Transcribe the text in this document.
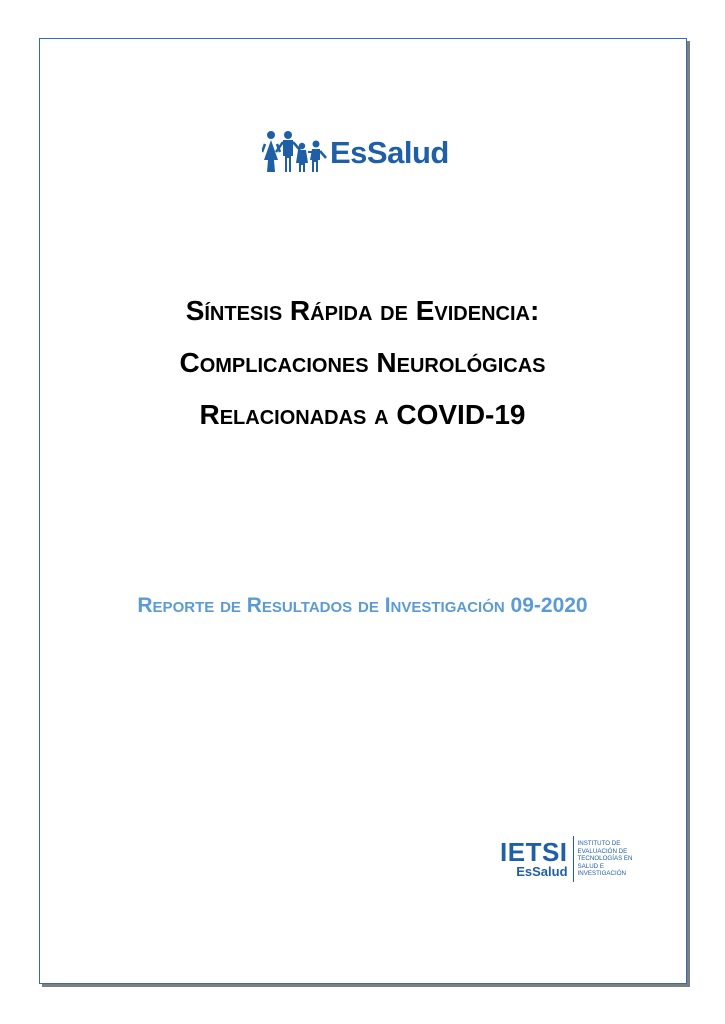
EsSalud
Síntesis Rápida de Evidencia:
Complicaciones Neurológicas
Relacionadas a COVID-19
Reporte de Resultados de Investigación 09-2020
IETSI
EsSalud
INSTITUTO DE
EVALUACIÓN DE
TECNOLOGÍAS EN
SALUD E
INVESTIGACIÓN
